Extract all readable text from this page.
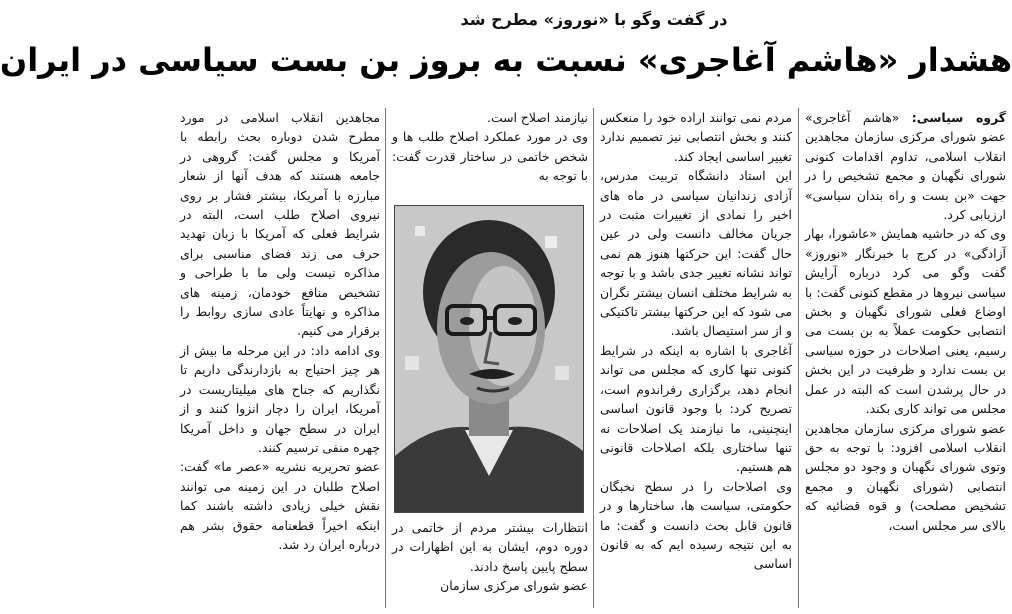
در گفت وگو با «نوروز» مطرح شد
هشدار «هاشم آغاجری» نسبت به بروز بن بست سیاسی در ایران

گروه سیاسی: «هاشم آغاجری» عضو شورای مرکزی سازمان مجاهدین انقلاب اسلامی، تداوم اقدامات کنونی شورای نگهبان و مجمع تشخیص را در جهت «بن بست و راه بندان سیاسی» ارزیابی کرد.

وی که در حاشیه همایش «عاشورا، بهار آزادگی» در کرج با خبرنگار «نوروز» گفت وگو می کرد درباره آرایش سیاسی نیروها در مقطع کنونی گفت: با اوضاع فعلی شورای نگهبان و بخش انتصابی حکومت عملاً به بن بست می رسیم، یعنی اصلاحات در حوزه سیاسی بن بست ندارد و ظرفیت در این بخش در حال پرشدن است که البته در عمل مجلس می تواند کاری بکند.

عضو شورای مرکزی سازمان مجاهدین انقلاب اسلامی افزود: با توجه به حق وتوی شورای نگهبان و وجود دو مجلس انتصابی (شورای نگهبان و مجمع تشخیص مصلحت) و قوه قضائیه که بالای سر مجلس است،

مردم نمی توانند اراده خود را منعکس کنند و بخش انتصابی نیز تصمیم ندارد تغییر اساسی ایجاد کند.

این استاد دانشگاه تربیت مدرس، آزادی زندانیان سیاسی در ماه های اخیر را نمادی از تغییرات مثبت در جریان مخالف دانست ولی در عین حال گفت: این حرکتها هنوز هم نمی تواند نشانه تغییر جدی باشد و با توجه به شرایط مختلف انسان بیشتر نگران می شود که این حرکتها بیشتر تاکتیکی و از سر استیصال باشد.

آغاجری با اشاره به اینکه در شرایط کنونی تنها کاری که مجلس می تواند انجام دهد، برگزاری رفراندوم است، تصریح کرد: با وجود قانون اساسی اینچنینی، ما نیازمند یک اصلاحات نه تنها ساختاری بلکه اصلاحات قانونی هم هستیم.

وی اصلاحات را در سطح نخبگان حکومتی، سیاست ها، ساختارها و در قانون قابل بحث دانست و گفت: ما به این نتیجه رسیده ایم که به قانون اساسی

نیازمند اصلاح است.

وی در مورد عملکرد اصلاح طلب ها و شخص خاتمی در ساختار قدرت گفت: با توجه به

انتظارات بیشتر مردم از خاتمی در دوره دوم، ایشان به این اظهارات در سطح پایین پاسخ دادند.

عضو شورای مرکزی سازمان

مجاهدین انقلاب اسلامی در مورد مطرح شدن دوباره بحث رابطه با آمریکا و مجلس گفت: گروهی در جامعه هستند که هدف آنها از شعار مبارزه با آمریکا، بیشتر فشار بر روی نیروی اصلاح طلب است، البته در شرایط فعلی که آمریکا با زبان تهدید حرف می زند فضای مناسبی برای مذاکره نیست ولی ما با طراحی و تشخیص منافع خودمان، زمینه های مذاکره و نهایتاً عادی سازی روابط را برقرار می کنیم.

وی ادامه داد: در این مرحله ما بیش از هر چیز احتیاج به بازدارندگی داریم تا نگذاریم که جناح های میلیتاریست در آمریکا، ایران را دچار انزوا کنند و از ایران در سطح جهان و داخل آمریکا چهره منفی ترسیم کنند.

عضو تحریریه نشریه «عصر ما» گفت: اصلاح طلبان در این زمینه می توانند نقش خیلی زیادی داشته باشند کما اینکه اخیراً قطعنامه حقوق بشر هم درباره ایران رد شد.
